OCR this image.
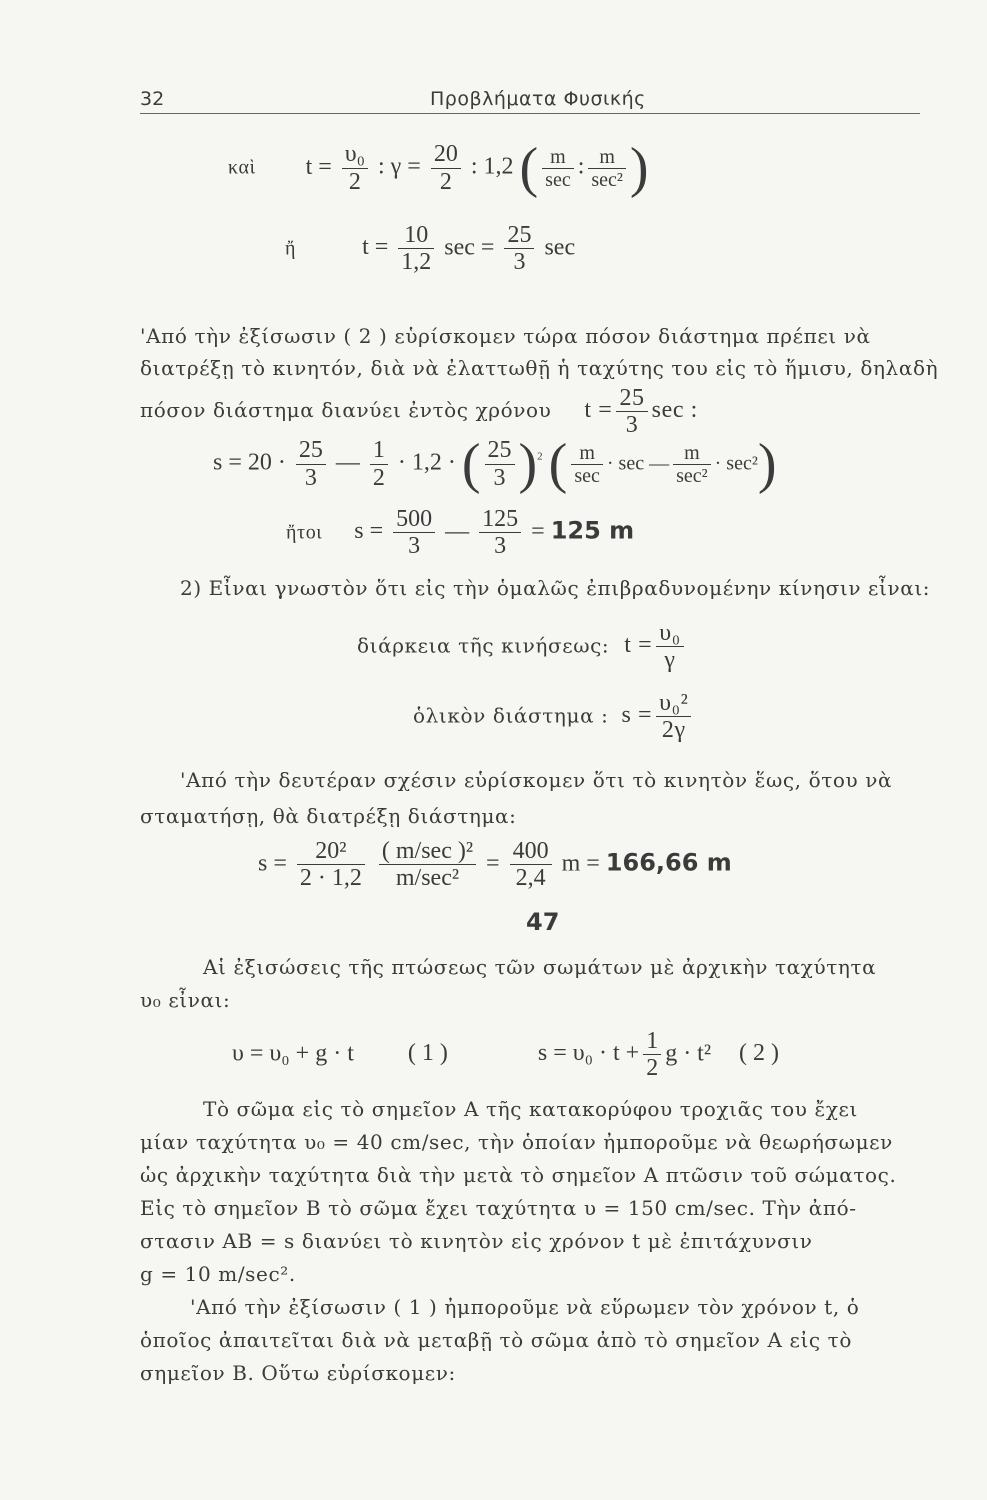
32	Προβλήματα Φυσικής
καὶ $t = \frac{\text{υ₀}}{2}$ : $\gamma = \frac{20}{2}$ : 1,2 ( $\frac{m}{\sec}$ : $\frac{m}{\text{sec²}}$ )
ἤ	$t = \frac{10}{1,2}$ $\sec = \frac{25}{3}$ sec
'Από τὴν ἐξίσωσιν ( 2 ) εὑρίσκομεν τώρα πόσον διάστημα πρέπει νὰ
διατρέξῃ τὸ κινητόν, διὰ νὰ ἐλαττωθῇ ἡ ταχύτης του εἰς τὸ ἥμισυ, δηλαδὴ
πόσον διάστημα διανύει ἐντὸς χρόνου $t = \frac{25}{3}$ sec :
$s = 20 \cdot \frac{25}{3}$ — $\frac{1}{2} \cdot 1,2$ · ( $\frac{25}{3} )^2$ ( $\frac{m}{\sec} \cdot \sec$ — $\frac{m}{\text{sec²}} \cdot \sec^2$)
ἤτοι $s = \frac{500}{3}$ — $\frac{125}{3} = 125$ m
2) Εἶναι γνωστὸν ὅτι εἰς τὴν ὁμαλῶς ἐπιβραδυνομένην κίνησιν εἶναι:
διάρκεια τῆς κινήσεως: $t = \frac{\text{υ₀}}{\gamma}$
ὁλικὸν διάστημα : $s = \frac{\text{υ₀²}}{2\gamma}$
'Από τὴν δευτέραν σχέσιν εὑρίσκομεν ὅτι τὸ κινητὸν ἕως, ὅτου νὰ
σταματήσῃ, θὰ διατρέξῃ διάστημα:
$s = \frac{\text{20²}}{2 \cdot 1,2}$
$\frac{\text{( m/sec )²}}{\text{m/sec²}} = \frac{400}{2,4}$ m = 166,66 m
47
Αἱ ἐξισώσεις τῆς πτώσεως τῶν σωμάτων μὲ ἀρχικὴν ταχύτητα
υ₀ εἶναι:
υ = υ₀ + g · t ( 1 )	$s = \upsilon_0 \cdot t + \frac{1}{2}$ g · t² ( 2 )
Τὸ σῶμα εἰς τὸ σημεῖον Α τῆς κατακορύφου τροχιᾶς του ἔχει
μίαν ταχύτητα υ₀ = 40 cm/sec, τὴν ὁποίαν ἠμποροῦμε νὰ θεωρήσωμεν
ὡς ἀρχικὴν ταχύτητα διὰ τὴν μετὰ τὸ σημεῖον Α πτῶσιν τοῦ σώματος.
Εἰς τὸ σημεῖον Β τὸ σῶμα ἔχει ταχύτητα υ = 150 cm/sec. Τὴν ἀπό-
στασιν ΑΒ = s διανύει τὸ κινητὸν εἰς χρόνον t μὲ ἐπιτάχυνσιν
g = 10 m/sec².
'Από τὴν ἐξίσωσιν ( 1 ) ἠμποροῦμε νὰ εὕρωμεν τὸν χρόνον t, ὁ
ὁποῖος ἀπαιτεῖται διὰ νὰ μεταβῇ τὸ σῶμα ἀπὸ τὸ σημεῖον Α εἰς τὸ
σημεῖον Β. Οὕτω εὑρίσκομεν:
